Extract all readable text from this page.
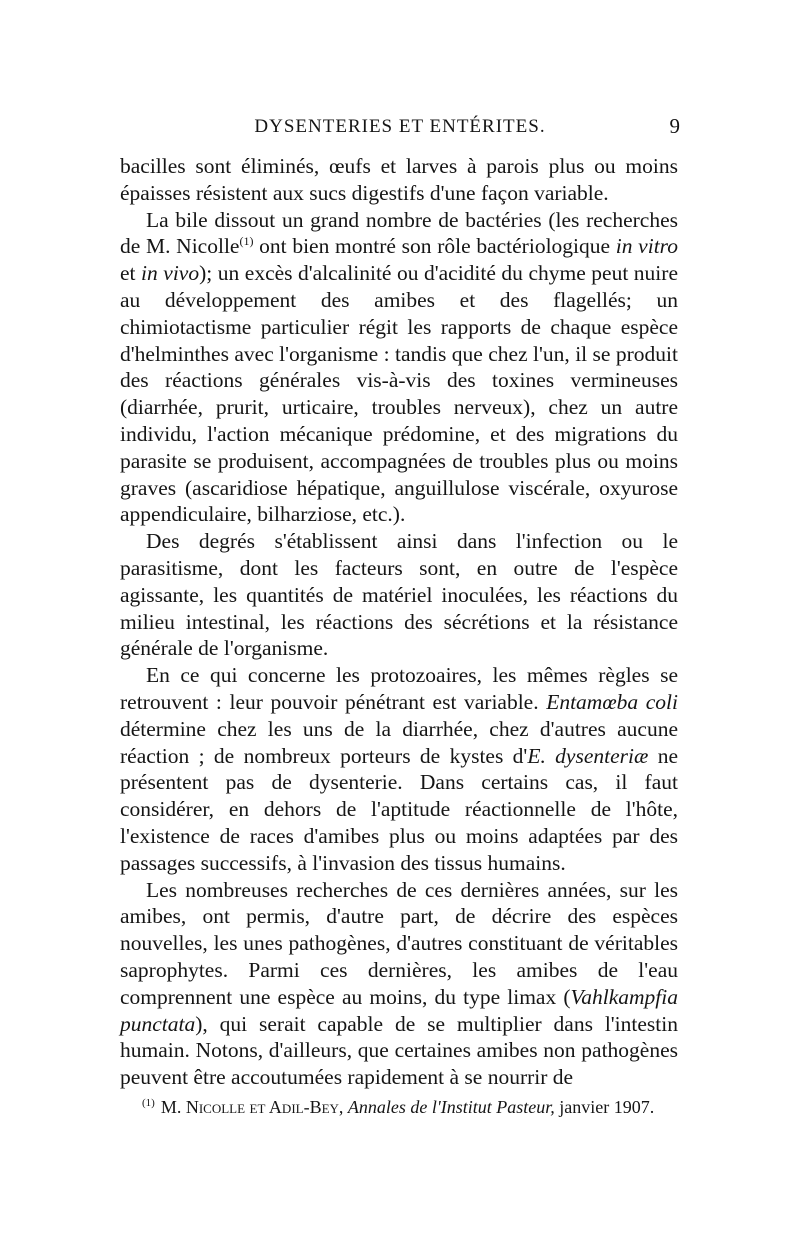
DYSENTERIES ET ENTÉRITES.	9

bacilles sont éliminés, œufs et larves à parois plus ou moins épaisses résistent aux sucs digestifs d'une façon variable.

La bile dissout un grand nombre de bactéries (les recherches de M. Nicolle$^{(1)}$ ont bien montré son rôle bactériologique in vitro et in vivo); un excès d'alcalinité ou d'acidité du chyme peut nuire au développement des amibes et des flagellés; un chimiotactisme particulier régit les rapports de chaque espèce d'helminthes avec l'organisme : tandis que chez l'un, il se produit des réactions générales vis-à-vis des toxines vermineuses (diarrhée, prurit, urticaire, troubles nerveux), chez un autre individu, l'action mécanique prédomine, et des migrations du parasite se produisent, accompagnées de troubles plus ou moins graves (ascaridiose hépatique, anguillulose viscérale, oxyurose appendiculaire, bilharziose, etc.).

Des degrés s'établissent ainsi dans l'infection ou le parasitisme, dont les facteurs sont, en outre de l'espèce agissante, les quantités de matériel inoculées, les réactions du milieu intestinal, les réactions des sécrétions et la résistance générale de l'organisme.

En ce qui concerne les protozoaires, les mêmes règles se retrouvent : leur pouvoir pénétrant est variable. Entamœba coli détermine chez les uns de la diarrhée, chez d'autres aucune réaction ; de nombreux porteurs de kystes d'E. dysenteriæ ne présentent pas de dysenterie. Dans certains cas, il faut considérer, en dehors de l'aptitude réactionnelle de l'hôte, l'existence de races d'amibes plus ou moins adaptées par des passages successifs, à l'invasion des tissus humains.

Les nombreuses recherches de ces dernières années, sur les amibes, ont permis, d'autre part, de décrire des espèces nouvelles, les unes pathogènes, d'autres constituant de véritables saprophytes. Parmi ces dernières, les amibes de l'eau comprennent une espèce au moins, du type limax (Vahlkampfia punctata), qui serait capable de se multiplier dans l'intestin humain. Notons, d'ailleurs, que certaines amibes non pathogènes peuvent être accoutumées rapidement à se nourrir de

$^{(1)}$ M. Nicolle et Adil-Bey, Annales de l'Institut Pasteur, janvier 1907.
